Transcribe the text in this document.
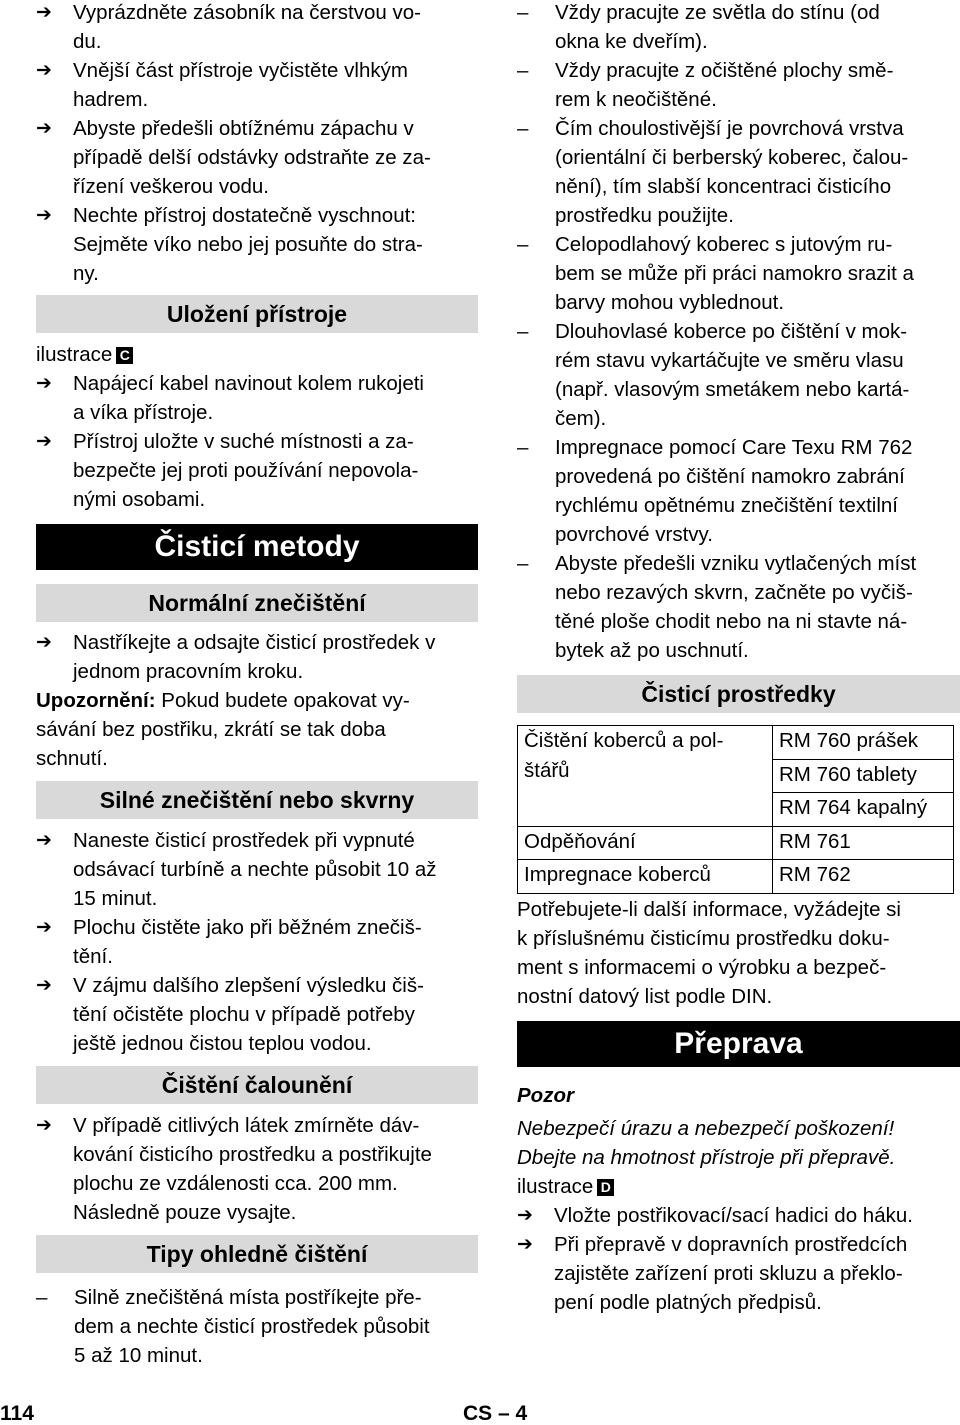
➔ Vyprázdněte zásobník na čerstvou vo-
du.
➔ Vnější část přístroje vyčistěte vlhkým
hadrem.
➔ Abyste předešli obtížnému zápachu v
případě delší odstávky odstraňte ze za-
řízení veškerou vodu.
➔ Nechte přístroj dostatečně vyschnout:
Sejměte víko nebo jej posuňte do stra-
ny.
Uložení přístroje
ilustrace C
➔ Napájecí kabel navinout kolem rukojeti
a víka přístroje.
➔ Přístroj uložte v suché místnosti a za-
bezpečte jej proti používání nepovola-
nými osobami.
Čisticí metody
Normální znečištění
➔ Nastříkejte a odsajte čisticí prostředek v
jednom pracovním kroku.
Upozornění: Pokud budete opakovat vy-
sávání bez postřiku, zkrátí se tak doba
schnutí.
Silné znečištění nebo skvrny
➔ Naneste čisticí prostředek při vypnuté
odsávací turbíně a nechte působit 10 až
15 minut.
➔ Plochu čistěte jako při běžném znečiš-
tění.
➔ V zájmu dalšího zlepšení výsledku čiš-
tění očistěte plochu v případě potřeby
ještě jednou čistou teplou vodou.
Čištění čalounění
➔ V případě citlivých látek zmírněte dáv-
kování čisticího prostředku a postřikujte
plochu ze vzdálenosti cca. 200 mm.
Následně pouze vysajte.
Tipy ohledně čištění
– Silně znečištěná místa postříkejte pře-
dem a nechte čisticí prostředek působit
5 až 10 minut.
– Vždy pracujte ze světla do stínu (od
okna ke dveřím).
– Vždy pracujte z očištěné plochy smě-
rem k neočištěné.
– Čím choulostivější je povrchová vrstva
(orientální či berberský koberec, čalou-
nění), tím slabší koncentraci čisticího
prostředku použijte.
– Celopodlahový koberec s jutovým ru-
bem se může při práci namokro srazit a
barvy mohou vyblednout.
– Dlouhovlasé koberce po čištění v mok-
rém stavu vykartáčujte ve směru vlasu
(např. vlasovým smetákem nebo kartá-
čem).
– Impregnace pomocí Care Texu RM 762
provedená po čištění namokro zabrání
rychlému opětnému znečištění textilní
povrchové vrstvy.
– Abyste předešli vzniku vytlačených míst
nebo rezavých skvrn, začněte po vyčiš-
těné ploše chodit nebo na ni stavte ná-
bytek až po uschnutí.
Čisticí prostředky
Čištění koberců a pol-
štářů	RM 760 prášek
	RM 760 tablety
	RM 764 kapalný
Odpěňování	RM 761
Impregnace koberců	RM 762
Potřebujete-li další informace, vyžádejte si
k příslušnému čisticímu prostředku doku-
ment s informacemi o výrobku a bezpeč-
nostní datový list podle DIN.
Přeprava
Pozor
Nebezpečí úrazu a nebezpečí poškození!
Dbejte na hmotnost přístroje při přepravě.
ilustrace D
➔ Vložte postřikovací/sací hadici do háku.
➔ Při přepravě v dopravních prostředcích
zajistěte zařízení proti skluzu a překlo-
pení podle platných předpisů.
114	CS – 4
